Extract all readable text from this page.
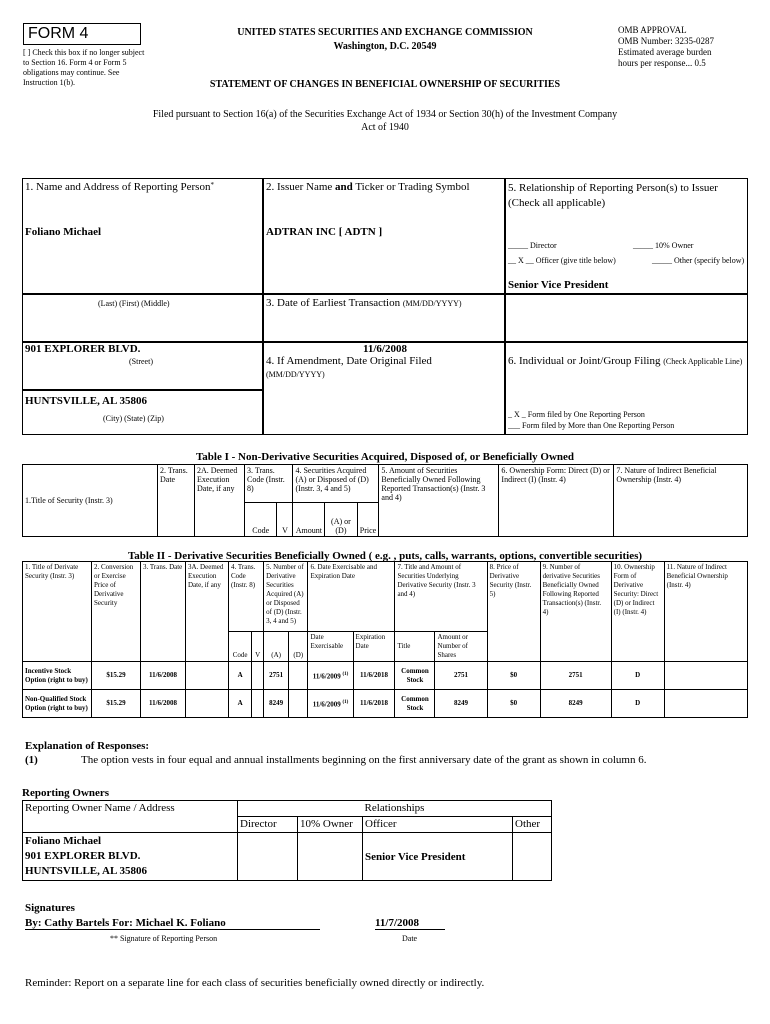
FORM 4
[ ] Check this box if no longer subject to Section 16. Form 4 or Form 5 obligations may continue. See Instruction 1(b).
UNITED STATES SECURITIES AND EXCHANGE COMMISSION
Washington, D.C. 20549
OMB APPROVAL
OMB Number: 3235-0287
Estimated average burden
hours per response... 0.5
STATEMENT OF CHANGES IN BENEFICIAL OWNERSHIP OF SECURITIES
Filed pursuant to Section 16(a) of the Securities Exchange Act of 1934 or Section 30(h) of the Investment Company Act of 1940
1. Name and Address of Reporting Person*
Foliano Michael
(Last) (First) (Middle)
901 EXPLORER BLVD.
(Street)
HUNTSVILLE, AL 35806
(City) (State) (Zip)
2. Issuer Name and Ticker or Trading Symbol
ADTRAN INC [ ADTN ]
3. Date of Earliest Transaction (MM/DD/YYYY)
11/6/2008
4. If Amendment, Date Original Filed
(MM/DD/YYYY)
5. Relationship of Reporting Person(s) to Issuer
(Check all applicable)
_____ Director	_____ 10% Owner
__ X __ Officer (give title below)	_____ Other (specify below)
Senior Vice President
6. Individual or Joint/Group Filing (Check Applicable Line)
_ X _ Form filed by One Reporting Person
___ Form filed by More than One Reporting Person
Table I - Non-Derivative Securities Acquired, Disposed of, or Beneficially Owned
1.Title of Security (Instr. 3)	2. Trans. Date	2A. Deemed Execution Date, if any	3. Trans. Code (Instr. 8)		4. Securities Acquired (A) or Disposed of (D) (Instr. 3, 4 and 5)			5. Amount of Securities Beneficially Owned Following Reported Transaction(s) (Instr. 3 and 4)	6. Ownership Form: Direct (D) or Indirect (I) (Instr. 4)	7. Nature of Indirect Beneficial Ownership (Instr. 4)
			Code	V	Amount	(A) or (D)	Price			
Table II - Derivative Securities Beneficially Owned ( e.g. , puts, calls, warrants, options, convertible securities)
1. Title of Derivate Security (Instr. 3)	2. Conversion or Exercise Price of Derivative Security	3. Trans. Date	3A. Deemed Execution Date, if any	4. Trans. Code (Instr. 8)		5. Number of Derivative Securities Acquired (A) or Disposed of (D) (Instr. 3, 4 and 5)		6. Date Exercisable and Expiration Date		7. Title and Amount of Securities Underlying Derivative Security (Instr. 3 and 4)		8. Price of Derivative Security (Instr. 5)	9. Number of derivative Securities Beneficially Owned Following Reported Transaction(s) (Instr. 4)	10. Ownership Form of Derivative Security: Direct (D) or Indirect (I) (Instr. 4)	11. Nature of Indirect Beneficial Ownership (Instr. 4)
				Code	V	(A)	(D)	Date Exercisable	Expiration Date	Title	Amount or Number of Shares				
Incentive Stock Option (right to buy)	$15.29	11/6/2008		A		2751		11/6/2009 $^{(1)}$	11/6/2018	Common Stock	2751	$0	2751	D	
Non-Qualified Stock Option (right to buy)	$15.29	11/6/2008		A		8249		11/6/2009 $^{(1)}$	11/6/2018	Common Stock	8249	$0	8249	D	
Explanation of Responses:
(1)	The option vests in four equal and annual installments beginning on the first anniversary date of the grant as shown in column 6.
Reporting Owners
Reporting Owner Name / Address	Relationships			
	Director	10% Owner	Officer	Other

Foliano Michael
901 EXPLORER BLVD.
HUNTSVILLE, AL 35806			Senior Vice President	
Signatures
By: Cathy Bartels For: Michael K. Foliano	11/7/2008
** Signature of Reporting Person	Date
Reminder: Report on a separate line for each class of securities beneficially owned directly or indirectly.
